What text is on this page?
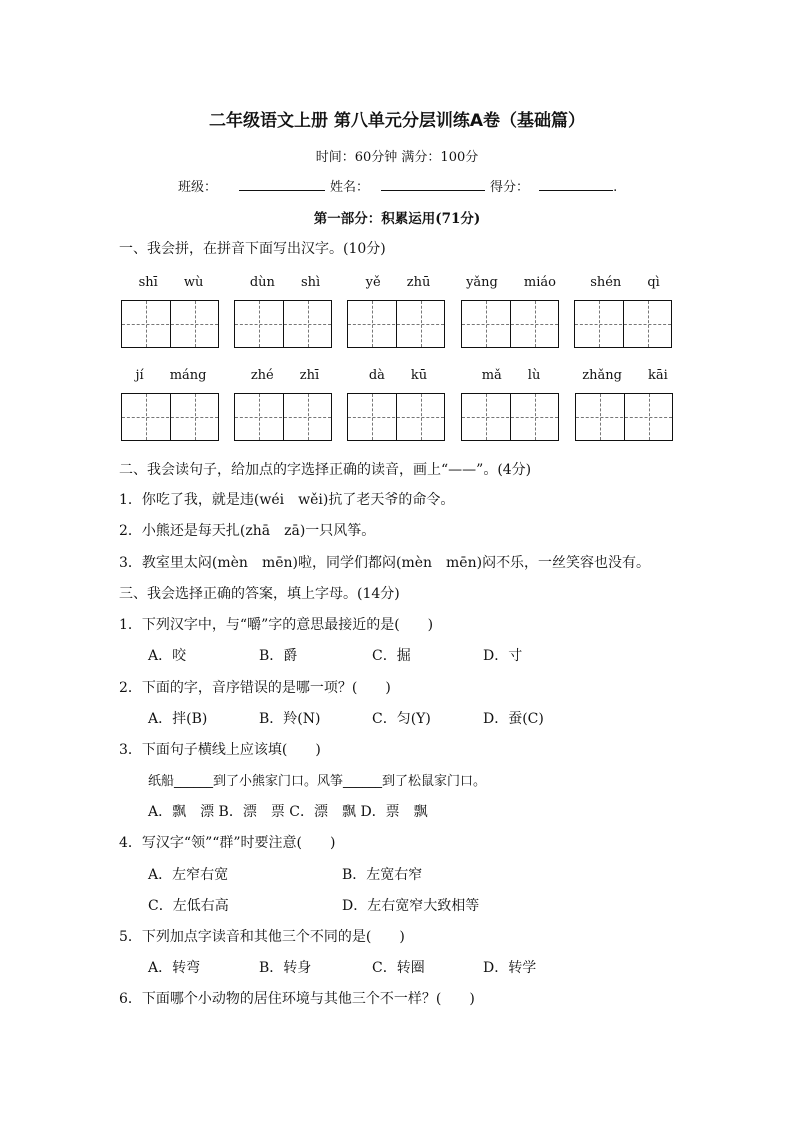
二年级语文上册 第八单元分层训练A卷（基础篇）
时间：60分钟 满分：100分
班级：	姓名：	得分：	.
第一部分：积累运用(71分)
一、我会拼，在拼音下面写出汉字。(10分)
shī　　 wù	dùn　　 shì	yě　　 zhū	yǎng　　 miáo	shén　　 qì
jí　　 máng	zhé　　 zhī	dà　　 kū	mǎ　　 lù	zhǎng　　 kāi
二、我会读句子，给加点的字选择正确的读音，画上“——”。(4分)
1．你吃了我，就是违(wéi　wěi)抗了老天爷的命令。
2．小熊还是每天扎(zhā　zā)一只风筝。
3．教室里太闷(mèn　mēn)啦，同学们都闷(mèn　mēn)闷不乐，一丝笑容也没有。
三、我会选择正确的答案，填上字母。(14分)
1．下列汉字中，与“嚼”字的意思最接近的是(　　)
A．咬	B．爵	C．掘	D．寸
2．下面的字，音序错误的是哪一项？(　　)
A．拌(B)	B．羚(N)	C．匀(Y)	D．蚕(C)
3．下面句子横线上应该填(　　)
纸船______到了小熊家门口。风筝______到了松鼠家门口。
A．飘　漂 B．漂　票 C．漂　飘 D．票　飘
4．写汉字“领”“群”时要注意(　　)
A．左窄右宽	B．左宽右窄
C．左低右高	D．左右宽窄大致相等
5．下列加点字读音和其他三个不同的是(　　)
A．转弯	B．转身	C．转圈	D．转学
6．下面哪个小动物的居住环境与其他三个不一样？(　　)
